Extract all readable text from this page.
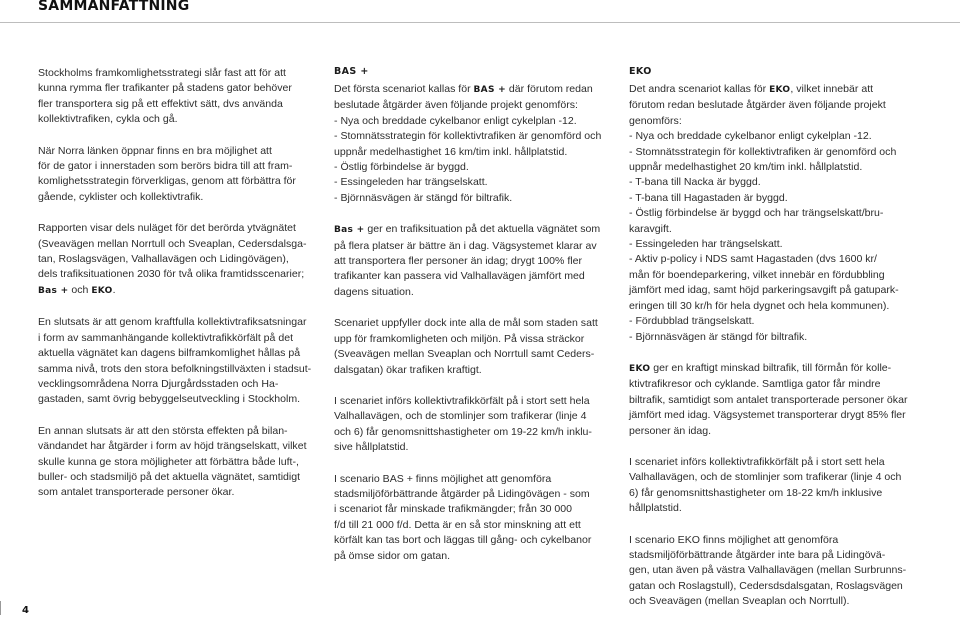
SAMMANFATTNING

Stockholms framkomlighetsstrategi slår fast att för att
kunna rymma fler trafikanter på stadens gator behöver
fler transportera sig på ett effektivt sätt, dvs använda
kollektivtrafiken, cykla och gå.

När Norra länken öppnar finns en bra möjlighet att
för de gator i innerstaden som berörs bidra till att fram-
komlighetsstrategin förverkligas, genom att förbättra för
gående, cyklister och kollektivtrafik.

Rapporten visar dels nuläget för det berörda ytvägnätet
(Sveavägen mellan Norrtull och Sveaplan, Cedersdalsga-
tan, Roslagsvägen, Valhallavägen och Lidingövägen),
dels trafiksituationen 2030 för två olika framtidsscenarier;
Bas + och EKO.

En slutsats är att genom kraftfulla kollektivtrafiksatsningar
i form av sammanhängande kollektivtrafikkörfält på det
aktuella vägnätet kan dagens bilframkomlighet hållas på
samma nivå, trots den stora befolkningstillväxten i stadsut-
vecklingsområdena Norra Djurgårdsstaden och Ha-
gastaden, samt övrig bebyggelseutveckling i Stockholm.

En annan slutsats är att den största effekten på bilan-
vändandet har åtgärder i form av höjd trängselskatt, vilket
skulle kunna ge stora möjligheter att förbättra både luft-,
buller- och stadsmiljö på det aktuella vägnätet, samtidigt
som antalet transporterade personer ökar.

BAS +

Det första scenariot kallas för BAS + där förutom redan
beslutade åtgärder även följande projekt genomförs:
- Nya och breddade cykelbanor enligt cykelplan -12.
- Stomnätsstrategin för kollektivtrafiken är genomförd och
uppnår medelhastighet 16 km/tim inkl. hållplatstid.
- Östlig förbindelse är byggd.
- Essingeleden har trängselskatt.
- Björnnäsvägen är stängd för biltrafik.

Bas + ger en trafiksituation på det aktuella vägnätet som
på flera platser är bättre än i dag. Vägsystemet klarar av
att transportera fler personer än idag; drygt 100% fler
trafikanter kan passera vid Valhallavägen jämfört med
dagens situation.

Scenariet uppfyller dock inte alla de mål som staden satt
upp för framkomligheten och miljön. På vissa sträckor
(Sveavägen mellan Sveaplan och Norrtull samt Ceders-
dalsgatan) ökar trafiken kraftigt.

I scenariet införs kollektivtrafikkörfält på i stort sett hela
Valhallavägen, och de stomlinjer som trafikerar (linje 4
och 6) får genomsnittshastigheter om 19-22 km/h inklu-
sive hållplatstid.

I scenario BAS + finns möjlighet att genomföra
stadsmiljöförbättrande åtgärder på Lidingövägen - som
i scenariot får minskade trafikmängder; från 30 000
f/d till 21 000 f/d. Detta är en så stor minskning att ett
körfält kan tas bort och läggas till gång- och cykelbanor
på ömse sidor om gatan.

EKO

Det andra scenariot kallas för EKO, vilket innebär att
förutom redan beslutade åtgärder även följande projekt
genomförs:
- Nya och breddade cykelbanor enligt cykelplan -12.
- Stomnätsstrategin för kollektivtrafiken är genomförd och
uppnår medelhastighet 20 km/tim inkl. hållplatstid.
- T-bana till Nacka är byggd.
- T-bana till Hagastaden är byggd.
- Östlig förbindelse är byggd och har trängselskatt/bru-
karavgift.
- Essingeleden har trängselskatt.
- Aktiv p-policy i NDS samt Hagastaden (dvs 1600 kr/
mån för boendeparkering, vilket innebär en fördubbling
jämfört med idag, samt höjd parkeringsavgift på gatupark-
eringen till 30 kr/h för hela dygnet och hela kommunen).
- Fördubblad trängselskatt.
- Björnnäsvägen är stängd för biltrafik.

EKO ger en kraftigt minskad biltrafik, till förmån för kolle-
ktivtrafikresor och cyklande. Samtliga gator får mindre
biltrafik, samtidigt som antalet transporterade personer ökar
jämfört med idag. Vägsystemet transporterar drygt 85% fler
personer än idag.

I scenariet införs kollektivtrafikkörfält på i stort sett hela
Valhallavägen, och de stomlinjer som trafikerar (linje 4 och
6) får genomsnittshastigheter om 18-22 km/h inklusive
hållplatstid.

I scenario EKO finns möjlighet att genomföra
stadsmiljöförbättrande åtgärder inte bara på Lidingövä-
gen, utan även på västra Valhallavägen (mellan Surbrunns-
gatan och Roslagstull), Cedersdsdalsgatan, Roslagsvägen
och Sveavägen (mellan Sveaplan och Norrtull).

4
